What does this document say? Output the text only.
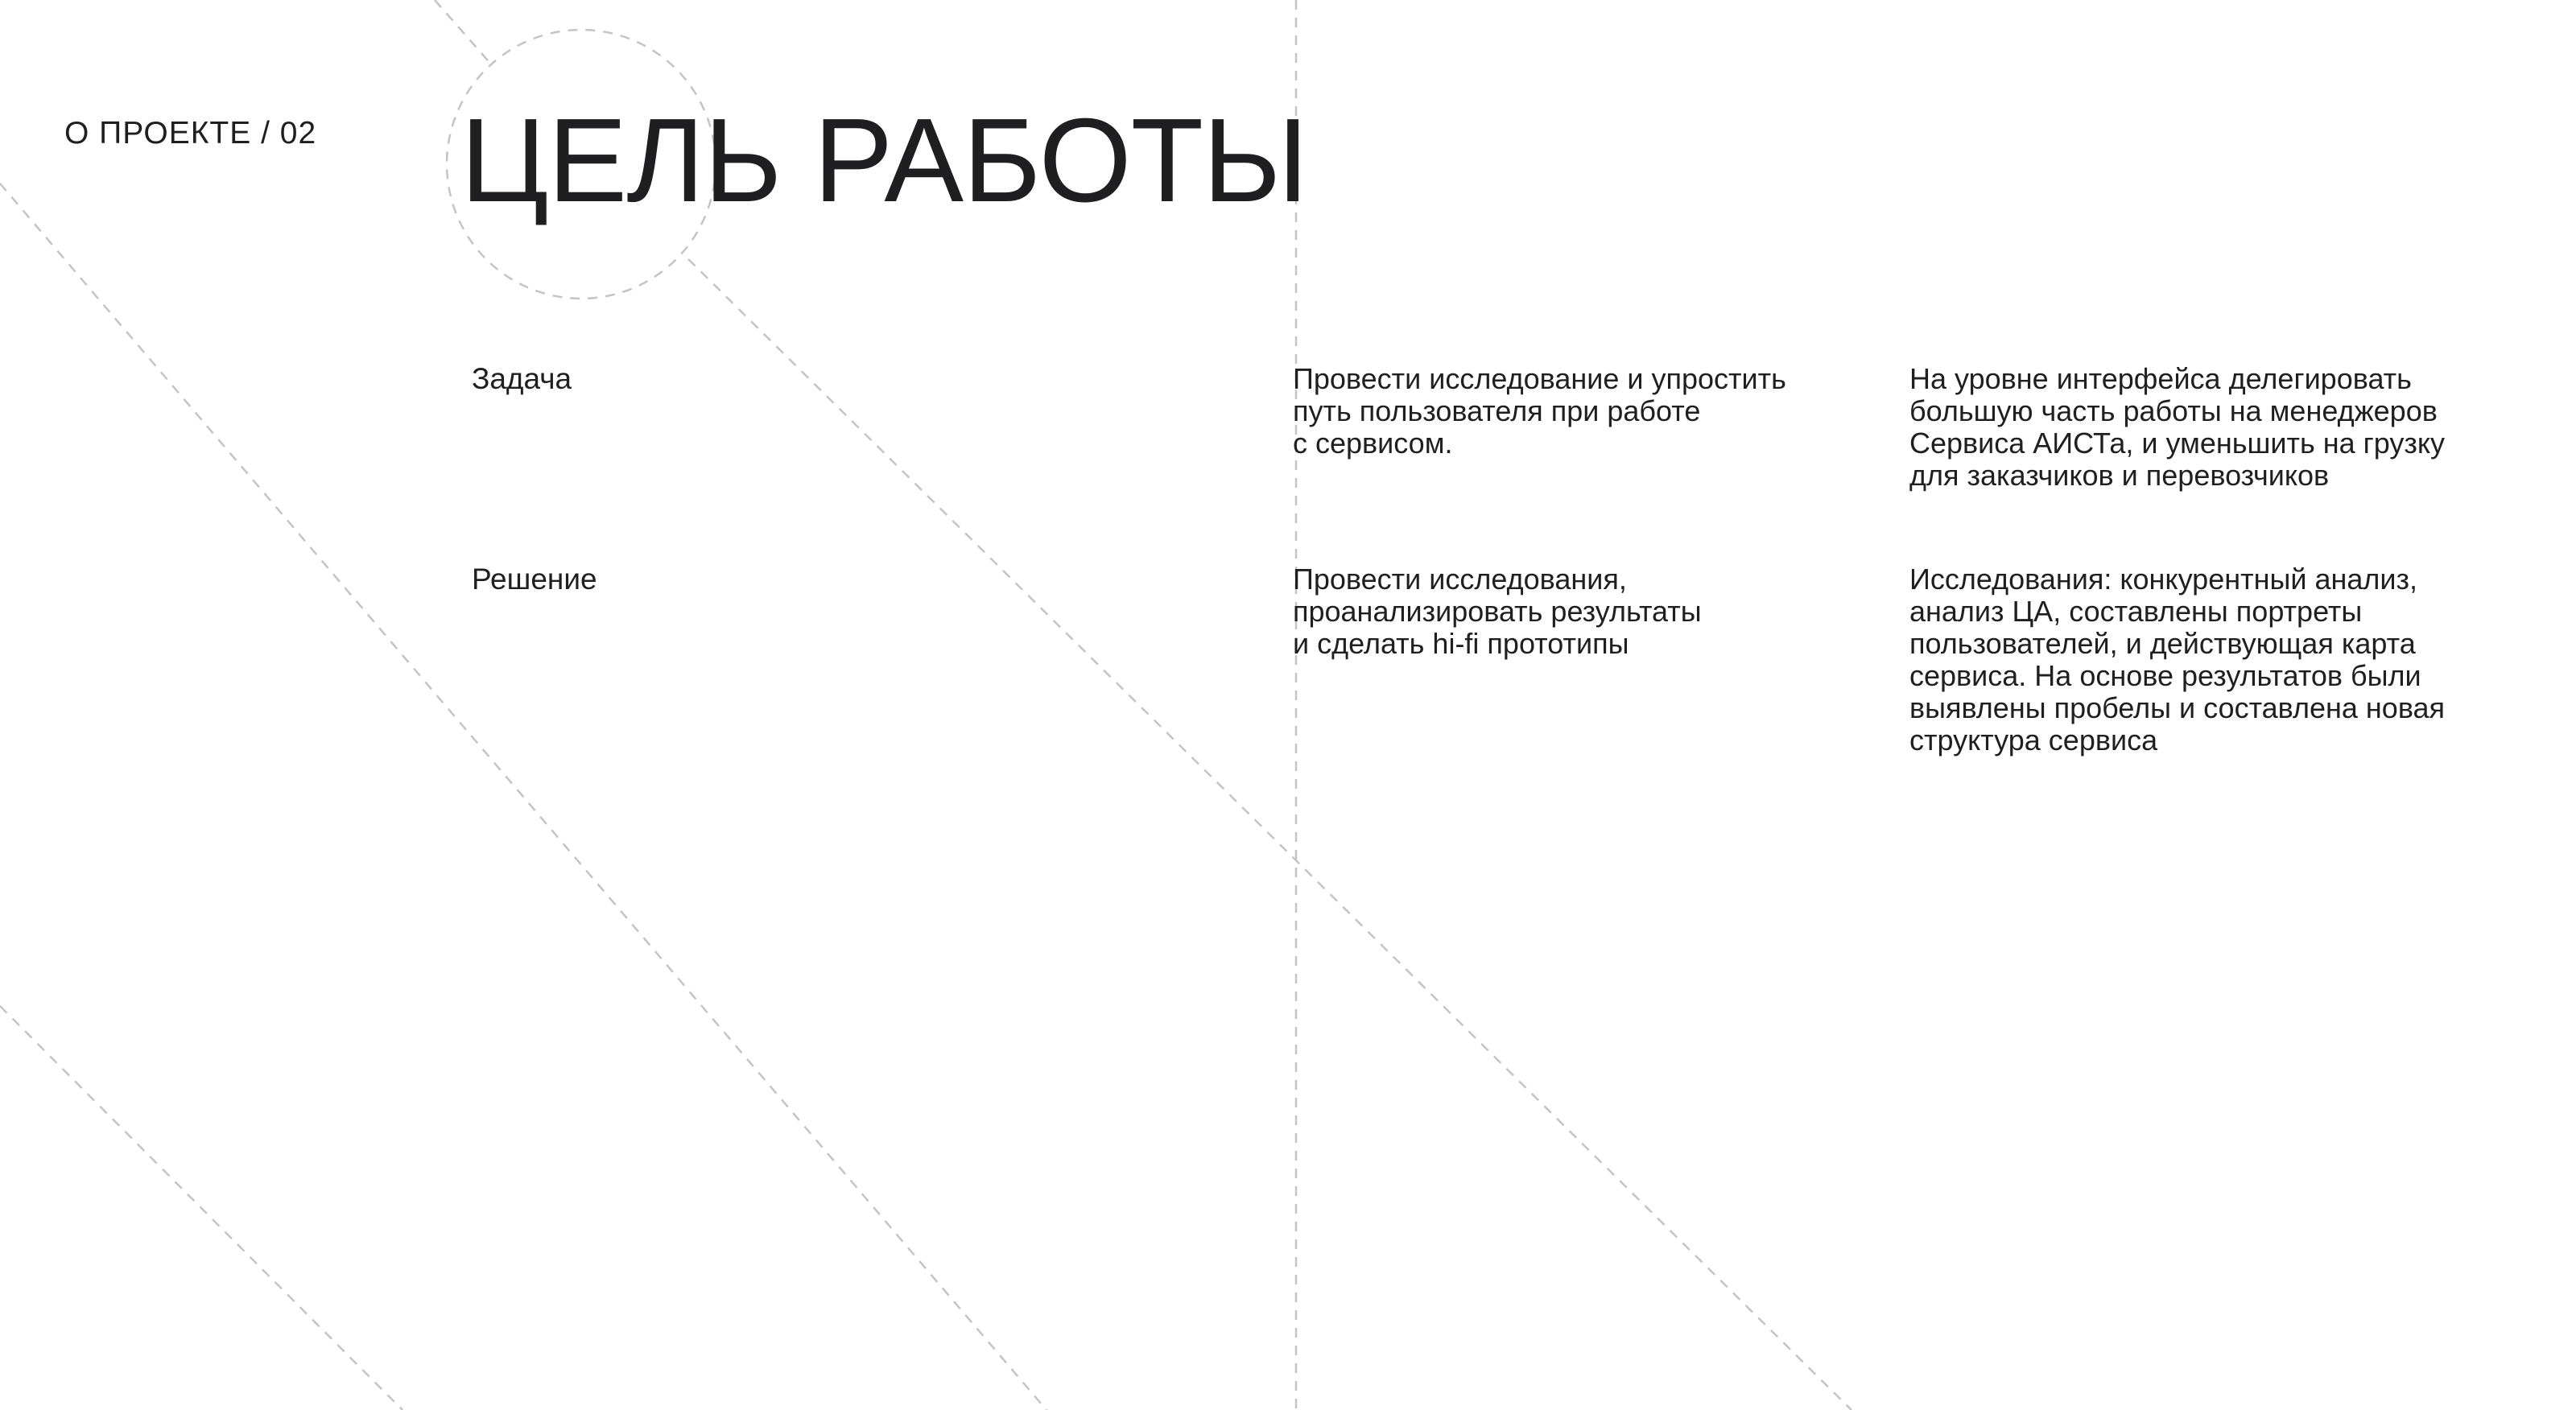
О ПРОЕКТЕ / 02 ЦЕЛЬ РАБОТЫ
Задача	Провести исследование и упростить
путь пользователя при работе
с сервисом.
На уровне интерфейса делегировать
большую часть работы на менеджеров
Сервиса АИСТа, и уменьшить на грузку
для заказчиков и перевозчиков
Решение	Провести исследования,
проанализировать результаты
и сделать hi-fi прототипы
Исследования: конкурентный анализ,
анализ ЦА, составлены портреты
пользователей, и действующая карта
сервиса. На основе результатов были
выявлены пробелы и составлена новая
структура сервиса
